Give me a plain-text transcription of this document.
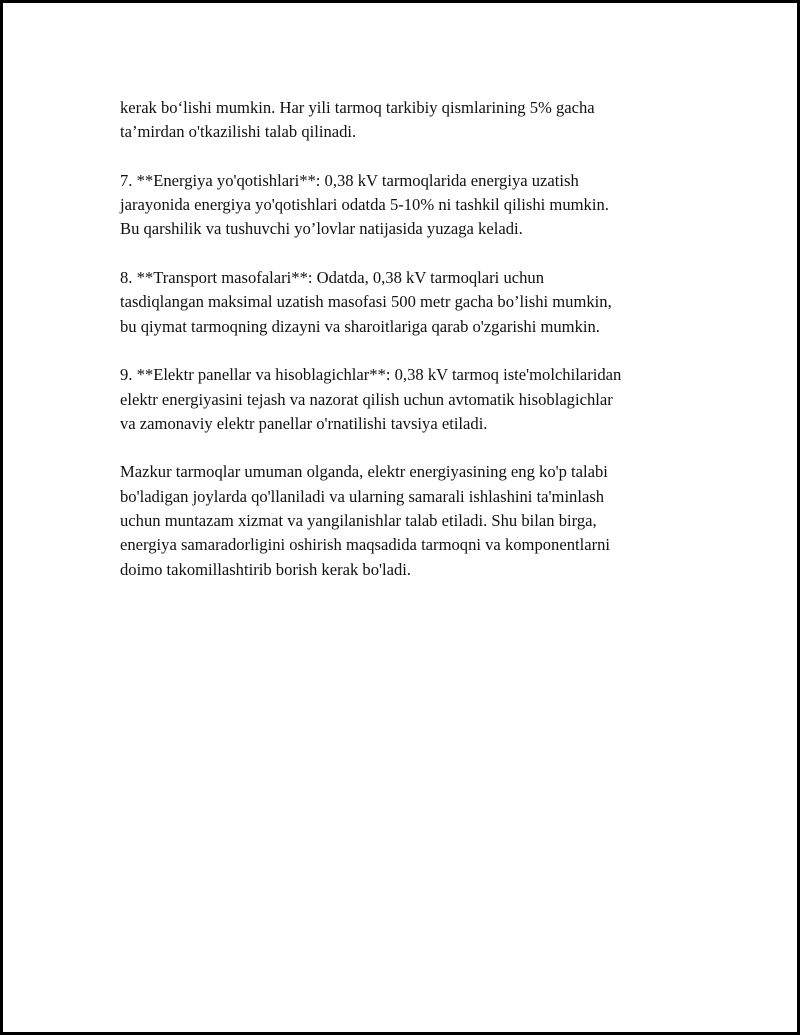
kerak bo‘lishi mumkin. Har yili tarmoq tarkibiy qismlarining 5% gacha
ta’mirdan o'tkazilishi talab qilinadi.

7. **Energiya yo'qotishlari**: 0,38 kV tarmoqlarida energiya uzatish
jarayonida energiya yo'qotishlari odatda 5-10% ni tashkil qilishi mumkin.
Bu qarshilik va tushuvchi yo’lovlar natijasida yuzaga keladi.

8. **Transport masofalari**: Odatda, 0,38 kV tarmoqlari uchun
tasdiqlangan maksimal uzatish masofasi 500 metr gacha bo’lishi mumkin,
bu qiymat tarmoqning dizayni va sharoitlariga qarab o'zgarishi mumkin.

9. **Elektr panellar va hisoblagichlar**: 0,38 kV tarmoq iste'molchilaridan
elektr energiyasini tejash va nazorat qilish uchun avtomatik hisoblagichlar
va zamonaviy elektr panellar o'rnatilishi tavsiya etiladi.

Mazkur tarmoqlar umuman olganda, elektr energiyasining eng ko'p talabi
bo'ladigan joylarda qo'llaniladi va ularning samarali ishlashini ta'minlash
uchun muntazam xizmat va yangilanishlar talab etiladi. Shu bilan birga,
energiya samaradorligini oshirish maqsadida tarmoqni va komponentlarni
doimo takomillashtirib borish kerak bo'ladi.
